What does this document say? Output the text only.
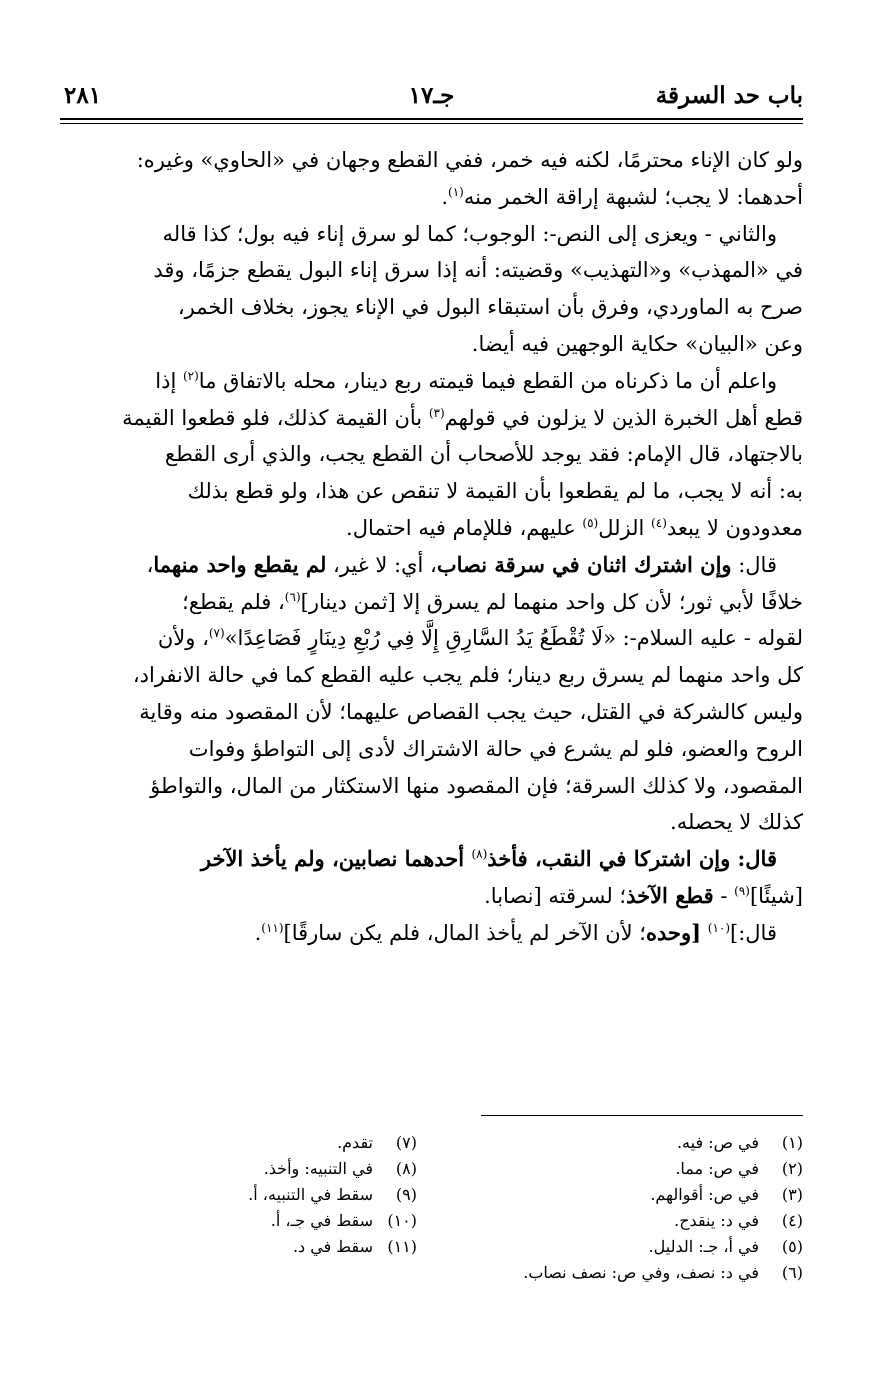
باب حد السرقة
جـ١٧
٢٨١

ولو كان الإناء محترمًا، لكنه فيه خمر، ففي القطع وجهان في «الحاوي» وغيره:

أحدهما: لا يجب؛ لشبهة إراقة الخمر منه$^{(١)}$.

والثاني - ويعزى إلى النص-: الوجوب؛ كما لو سرق إناء فيه بول؛ كذا قاله

في «المهذب» و«التهذيب» وقضيته: أنه إذا سرق إناء البول يقطع جزمًا، وقد

صرح به الماوردي، وفرق بأن استبقاء البول في الإناء يجوز، بخلاف الخمر،

وعن «البيان» حكاية الوجهين فيه أيضا.

واعلم أن ما ذكرناه من القطع فيما قيمته ربع دينار، محله بالاتفاق ما$^{(٢)}$ إذا

قطع أهل الخبرة الذين لا يزلون في قولهم$^{(٣)}$ بأن القيمة كذلك، فلو قطعوا القيمة

بالاجتهاد، قال الإمام: فقد يوجد للأصحاب أن القطع يجب، والذي أرى القطع

به: أنه لا يجب، ما لم يقطعوا بأن القيمة لا تنقص عن هذا، ولو قطع بذلك

معدودون لا يبعد$^{(٤)}$ الزلل$^{(٥)}$ عليهم، فللإمام فيه احتمال.

قال: وإن اشترك اثنان في سرقة نصاب، أي: لا غير، لم يقطع واحد منهما،

خلافًا لأبي ثور؛ لأن كل واحد منهما لم يسرق إلا [ثمن دينار]$^{(٦)}$، فلم يقطع؛

لقوله - عليه السلام-: «لَا تُقْطَعُ يَدُ السَّارِقِ إِلَّا فِي رُبْعِ دِينَارٍ فَصَاعِدًا»$^{(٧)}$، ولأن

كل واحد منهما لم يسرق ربع دينار؛ فلم يجب عليه القطع كما في حالة الانفراد،

وليس كالشركة في القتل، حيث يجب القصاص عليهما؛ لأن المقصود منه وقاية

الروح والعضو، فلو لم يشرع في حالة الاشتراك لأدى إلى التواطؤ وفوات

المقصود، ولا كذلك السرقة؛ فإن المقصود منها الاستكثار من المال، والتواطؤ

كذلك لا يحصله.

قال: وإن اشتركا في النقب، فأخذ$^{(٨)}$ أحدهما نصابين، ولم يأخذ الآخر

[شيئًا]$^{(٩)}$ - قطع الآخذ؛ لسرقته [نصابا.

قال:]$^{(١٠)}$ [وحده؛ لأن الآخر لم يأخذ المال، فلم يكن سارقًا]$^{(١١)}$.

(١)
في ص: فيه.
(٢)
في ص: مما.
(٣)
في ص: أقوالهم.
(٤)
في د: ينقدح.
(٥)
في أ، جـ: الدليل.
(٦)
في د: نصف، وفي ص: نصف نصاب.
(٧)
تقدم.
(٨)
في التنبيه: وأخذ.
(٩)
سقط في التنبيه، أ.
(١٠)
سقط في جـ، أ.
(١١)
سقط في د.
